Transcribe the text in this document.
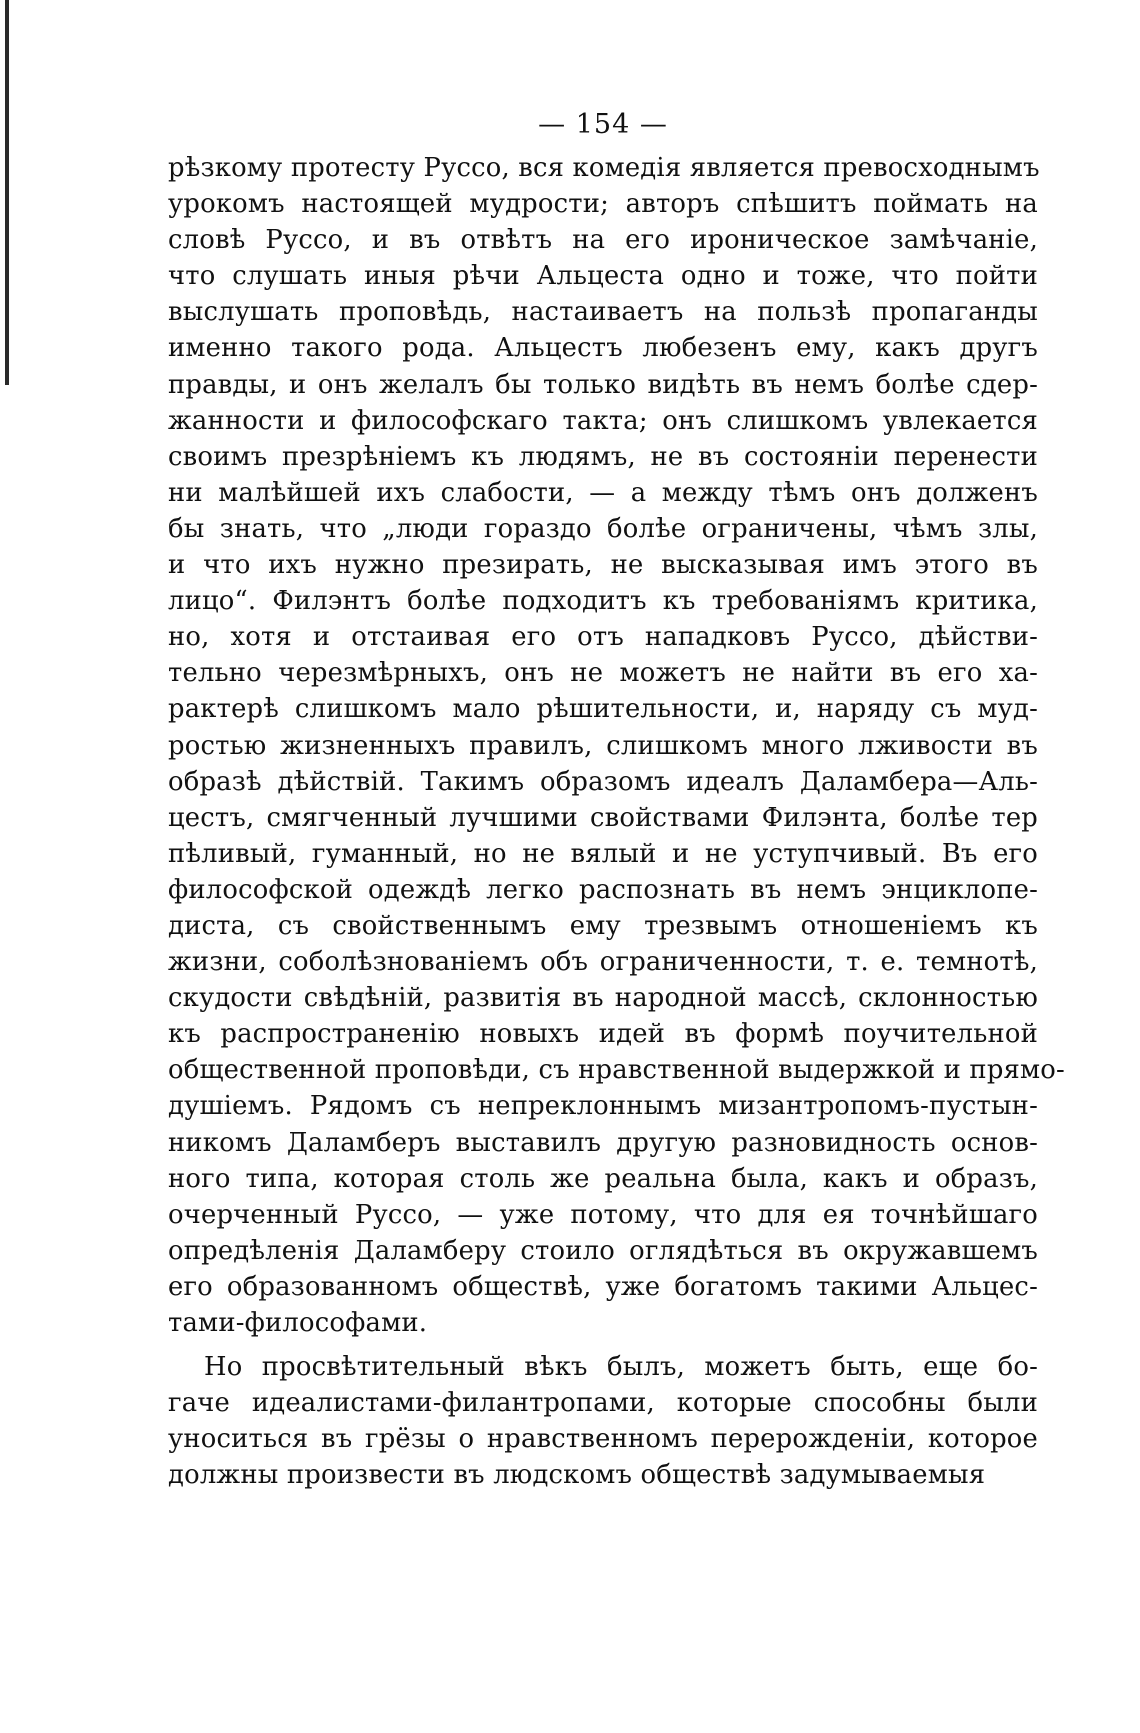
— 154 —
рѣзкому протесту Руссо, вся комедія является превосходнымъ
урокомъ настоящей мудрости; авторъ спѣшитъ поймать на
словѣ Руссо, и въ отвѣтъ на его ироническое замѣчаніе,
что слушать иныя рѣчи Альцеста одно и тоже, что пойти
выслушать проповѣдь, настаиваетъ на пользѣ пропаганды
именно такого рода. Альцестъ любезенъ ему, какъ другъ
правды, и онъ желалъ бы только видѣть въ немъ болѣе сдер-
жанности и философскаго такта; онъ слишкомъ увлекается
своимъ презрѣніемъ къ людямъ, не въ состояніи перенести
ни малѣйшей ихъ слабости, — а между тѣмъ онъ долженъ
бы знать, что „люди гораздо болѣе ограничены, чѣмъ злы,
и что ихъ нужно презирать, не высказывая имъ этого въ
лицо“. Филэнтъ болѣе подходитъ къ требованіямъ критика,
но, хотя и отстаивая его отъ нападковъ Руссо, дѣйстви-
тельно черезмѣрныхъ, онъ не можетъ не найти въ его ха-
рактерѣ слишкомъ мало рѣшительности, и, наряду съ муд-
ростью жизненныхъ правилъ, слишкомъ много лживости въ
образѣ дѣйствій. Такимъ образомъ идеалъ Даламбера—Аль-
цестъ, смягченный лучшими свойствами Филэнта, болѣе тер
пѣливый, гуманный, но не вялый и не уступчивый. Въ его
философской одеждѣ легко распознать въ немъ энциклопе-
диста, съ свойственнымъ ему трезвымъ отношеніемъ къ
жизни, соболѣзнованіемъ объ ограниченности, т. е. темнотѣ,
скудости свѣдѣній, развитія въ народной массѣ, склонностью
къ распространенію новыхъ идей въ формѣ поучительной
общественной проповѣди, съ нравственной выдержкой и прямо-
душіемъ. Рядомъ съ непреклоннымъ мизантропомъ-пустын-
никомъ Даламберъ выставилъ другую разновидность основ-
ного типа, которая столь же реальна была, какъ и образъ,
очерченный Руссо, — уже потому, что для ея точнѣйшаго
опредѣленія Даламберу стоило оглядѣться въ окружавшемъ
его образованномъ обществѣ, уже богатомъ такими Альцес-
тами-философами.
Но просвѣтительный вѣкъ былъ, можетъ быть, еще бо-
гаче идеалистами-филантропами, которые способны были
уноситься въ грёзы о нравственномъ перерожденіи, которое
должны произвести въ людскомъ обществѣ задумываемыя
